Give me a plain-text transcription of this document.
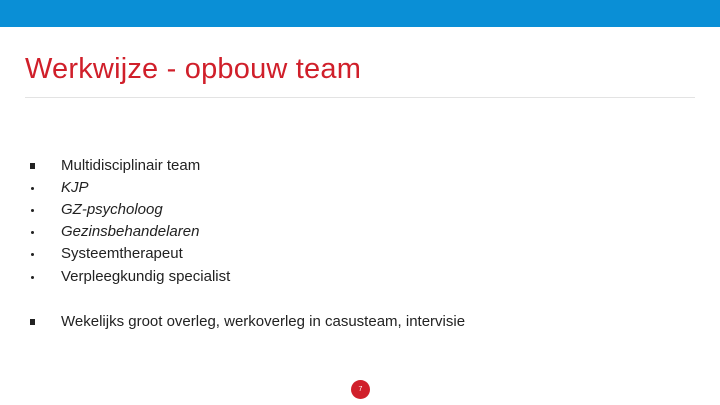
Werkwijze - opbouw team
Multidisciplinair team
KJP
GZ-psycholoog
Gezinsbehandelaren
Systeemtherapeut
Verpleegkundig specialist
Wekelijks groot overleg, werkoverleg in casusteam, intervisie
7
